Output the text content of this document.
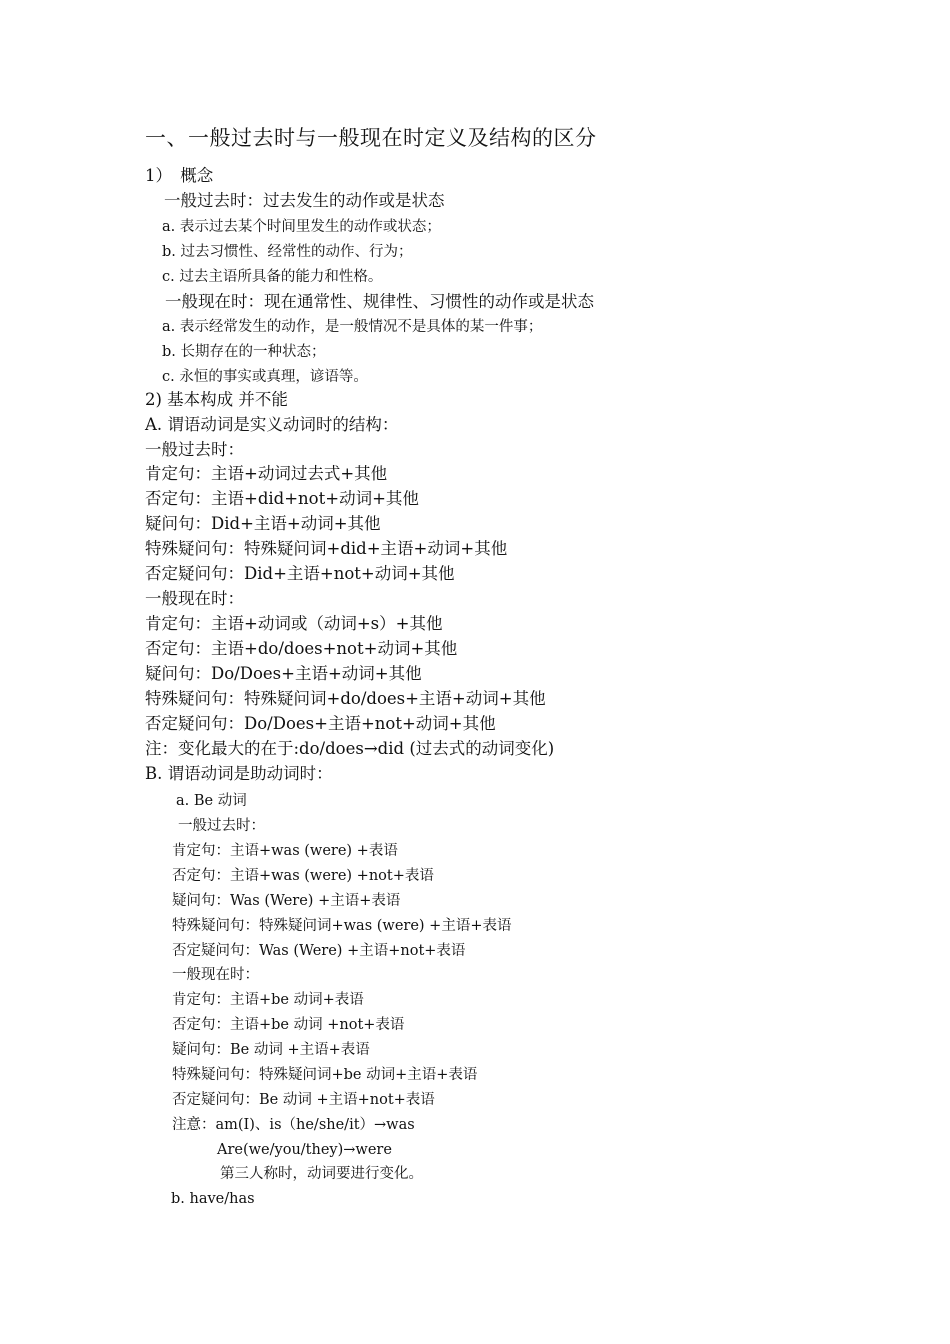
一、一般过去时与一般现在时定义及结构的区分
1）　概念
一般过去时：过去发生的动作或是状态
a. 表示过去某个时间里发生的动作或状态；
b. 过去习惯性、经常性的动作、行为；
c. 过去主语所具备的能力和性格。
一般现在时：现在通常性、规律性、习惯性的动作或是状态
a. 表示经常发生的动作，是一般情况不是具体的某一件事；
b. 长期存在的一种状态；
c. 永恒的事实或真理，谚语等。
2) 基本构成 并不能
A. 谓语动词是实义动词时的结构：
一般过去时：
肯定句：主语+动词过去式+其他
否定句：主语+did+not+动词+其他
疑问句：Did+主语+动词+其他
特殊疑问句：特殊疑问词+did+主语+动词+其他
否定疑问句：Did+主语+not+动词+其他
一般现在时：
肯定句：主语+动词或（动词+s）+其他
否定句：主语+do/does+not+动词+其他
疑问句：Do/Does+主语+动词+其他
特殊疑问句：特殊疑问词+do/does+主语+动词+其他
否定疑问句：Do/Does+主语+not+动词+其他
注：变化最大的在于:do/does→did (过去式的动词变化)
B. 谓语动词是助动词时：
a. Be 动词
一般过去时：
肯定句：主语+was (were) +表语
否定句：主语+was (were) +not+表语
疑问句：Was (Were) +主语+表语
特殊疑问句：特殊疑问词+was (were) +主语+表语
否定疑问句：Was (Were) +主语+not+表语
一般现在时：
肯定句：主语+be 动词+表语
否定句：主语+be 动词 +not+表语
疑问句：Be 动词 +主语+表语
特殊疑问句：特殊疑问词+be 动词+主语+表语
否定疑问句：Be 动词 +主语+not+表语
注意：am(I)、is（he/she/it）→was
Are(we/you/they)→were
第三人称时，动词要进行变化。
b. have/has
